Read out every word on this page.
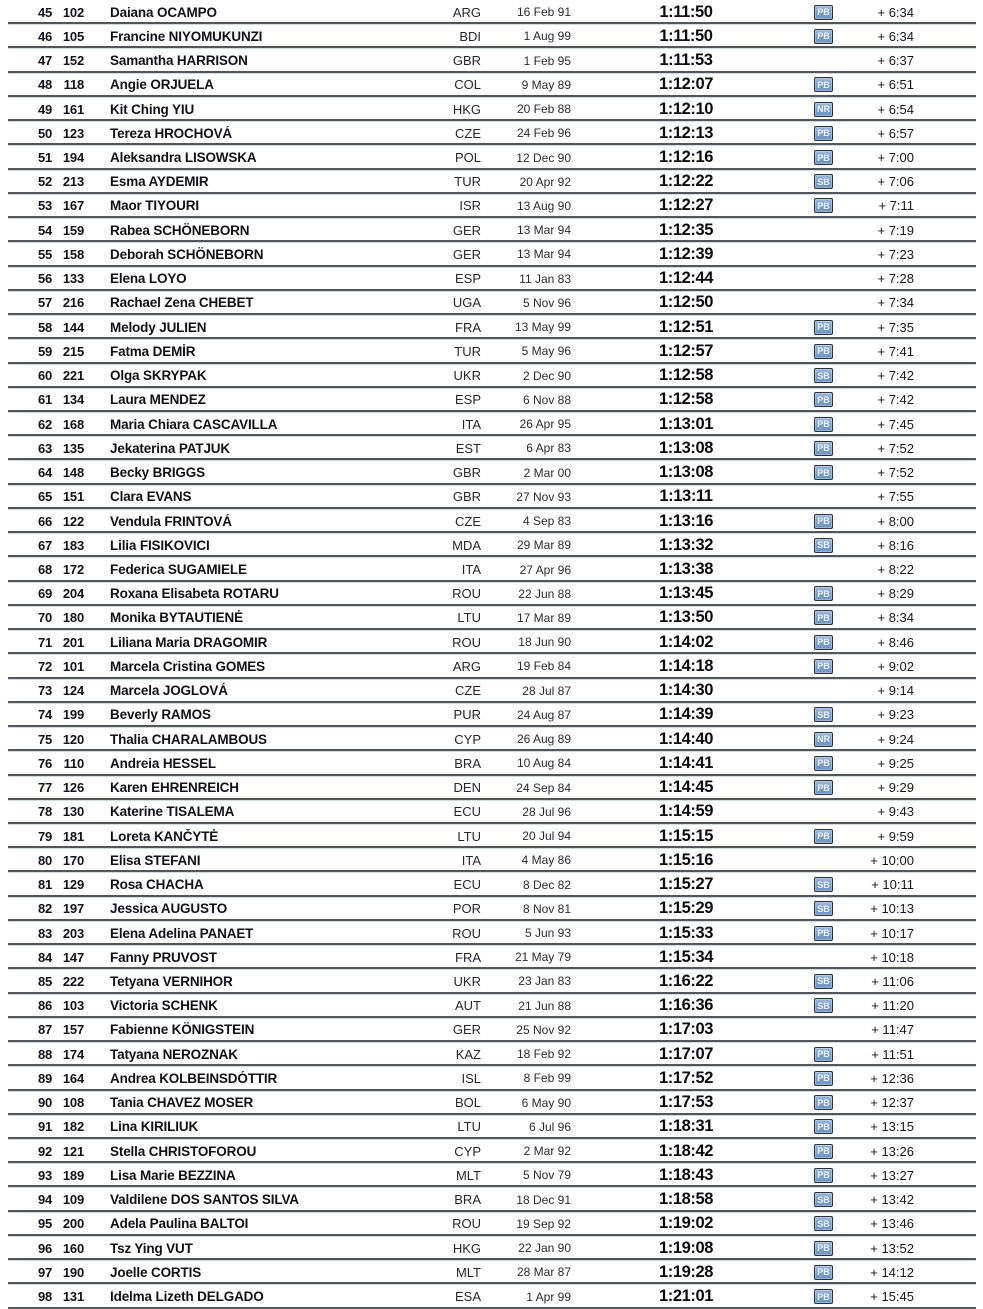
45 102	Daiana OCAMPO	ARG	16 Feb 91	1:11:50	PB	+ 6:34
46 105	Francine NIYOMUKUNZI	BDI	1 Aug 99	1:11:50	PB	+ 6:34
47 152	Samantha HARRISON	GBR	1 Feb 95	1:11:53	+ 6:37
48 118	Angie ORJUELA	COL	9 May 89	1:12:07	PB	+ 6:51
49 161	Kit Ching YIU	HKG	20 Feb 88	1:12:10	NR	+ 6:54
50 123	Tereza HROCHOVÁ	CZE	24 Feb 96	1:12:13	PB	+ 6:57
51 194	Aleksandra LISOWSKA	POL	12 Dec 90	1:12:16	PB	+ 7:00
52 213	Esma AYDEMIR	TUR	20 Apr 92	1:12:22	SB	+ 7:06
53 167	Maor TIYOURI	ISR	13 Aug 90	1:12:27	PB	+ 7:11
54 159	Rabea SCHÖNEBORN	GER	13 Mar 94	1:12:35	+ 7:19
55 158	Deborah SCHÖNEBORN	GER	13 Mar 94	1:12:39	+ 7:23
56 133	Elena LOYO	ESP	11 Jan 83	1:12:44	+ 7:28
57 216	Rachael Zena CHEBET	UGA	5 Nov 96	1:12:50	+ 7:34
58 144	Melody JULIEN	FRA	13 May 99	1:12:51	PB	+ 7:35
59 215	Fatma DEMİR	TUR	5 May 96	1:12:57	PB	+ 7:41
60 221	Olga SKRYPAK	UKR	2 Dec 90	1:12:58	SB	+ 7:42
61 134	Laura MENDEZ	ESP	6 Nov 88	1:12:58	PB	+ 7:42
62 168	Maria Chiara CASCAVILLA	ITA	26 Apr 95	1:13:01	PB	+ 7:45
63 135	Jekaterina PATJUK	EST	6 Apr 83	1:13:08	PB	+ 7:52
64 148	Becky BRIGGS	GBR	2 Mar 00	1:13:08	PB	+ 7:52
65 151	Clara EVANS	GBR	27 Nov 93	1:13:11	+ 7:55
66 122	Vendula FRINTOVÁ	CZE	4 Sep 83	1:13:16	PB	+ 8:00
67 183	Lilia FISIKOVICI	MDA	29 Mar 89	1:13:32	SB	+ 8:16
68 172	Federica SUGAMIELE	ITA	27 Apr 96	1:13:38	+ 8:22
69 204	Roxana Elisabeta ROTARU	ROU	22 Jun 88	1:13:45	PB	+ 8:29
70 180	Monika BYTAUTIENĖ	LTU	17 Mar 89	1:13:50	PB	+ 8:34
71 201	Liliana Maria DRAGOMIR	ROU	18 Jun 90	1:14:02	PB	+ 8:46
72 101	Marcela Cristina GOMES	ARG	19 Feb 84	1:14:18	PB	+ 9:02
73 124	Marcela JOGLOVÁ	CZE	28 Jul 87	1:14:30	+ 9:14
74 199	Beverly RAMOS	PUR	24 Aug 87	1:14:39	SB	+ 9:23
75 120	Thalia CHARALAMBOUS	CYP	26 Aug 89	1:14:40	NR	+ 9:24
76 110	Andreia HESSEL	BRA	10 Aug 84	1:14:41	PB	+ 9:25
77 126	Karen EHRENREICH	DEN	24 Sep 84	1:14:45	PB	+ 9:29
78 130	Katerine TISALEMA	ECU	28 Jul 96	1:14:59	+ 9:43
79 181	Loreta KANČYTĖ	LTU	20 Jul 94	1:15:15	PB	+ 9:59
80 170	Elisa STEFANI	ITA	4 May 86	1:15:16	+ 10:00
81 129	Rosa CHACHA	ECU	8 Dec 82	1:15:27	SB	+ 10:11
82 197	Jessica AUGUSTO	POR	8 Nov 81	1:15:29	SB	+ 10:13
83 203	Elena Adelina PANAET	ROU	5 Jun 93	1:15:33	PB	+ 10:17
84 147	Fanny PRUVOST	FRA	21 May 79	1:15:34	+ 10:18
85 222	Tetyana VERNIHOR	UKR	23 Jan 83	1:16:22	SB	+ 11:06
86 103	Victoria SCHENK	AUT	21 Jun 88	1:16:36	SB	+ 11:20
87 157	Fabienne KÖNIGSTEIN	GER	25 Nov 92	1:17:03	+ 11:47
88 174	Tatyana NEROZNAK	KAZ	18 Feb 92	1:17:07	PB	+ 11:51
89 164	Andrea KOLBEINSDÓTTIR	ISL	8 Feb 99	1:17:52	PB	+ 12:36
90 108	Tania CHAVEZ MOSER	BOL	6 May 90	1:17:53	PB	+ 12:37
91 182	Lina KIRILIUK	LTU	6 Jul 96	1:18:31	PB	+ 13:15
92 121	Stella CHRISTOFOROU	CYP	2 Mar 92	1:18:42	PB	+ 13:26
93 189	Lisa Marie BEZZINA	MLT	5 Nov 79	1:18:43	PB	+ 13:27
94 109	Valdilene DOS SANTOS SILVA	BRA	18 Dec 91	1:18:58	SB	+ 13:42
95 200	Adela Paulina BALTOI	ROU	19 Sep 92	1:19:02	SB	+ 13:46
96 160	Tsz Ying VUT	HKG	22 Jan 90	1:19:08	PB	+ 13:52
97 190	Joelle CORTIS	MLT	28 Mar 87	1:19:28	PB	+ 14:12
98 131	Idelma Lizeth DELGADO	ESA	1 Apr 99	1:21:01	PB	+ 15:45
